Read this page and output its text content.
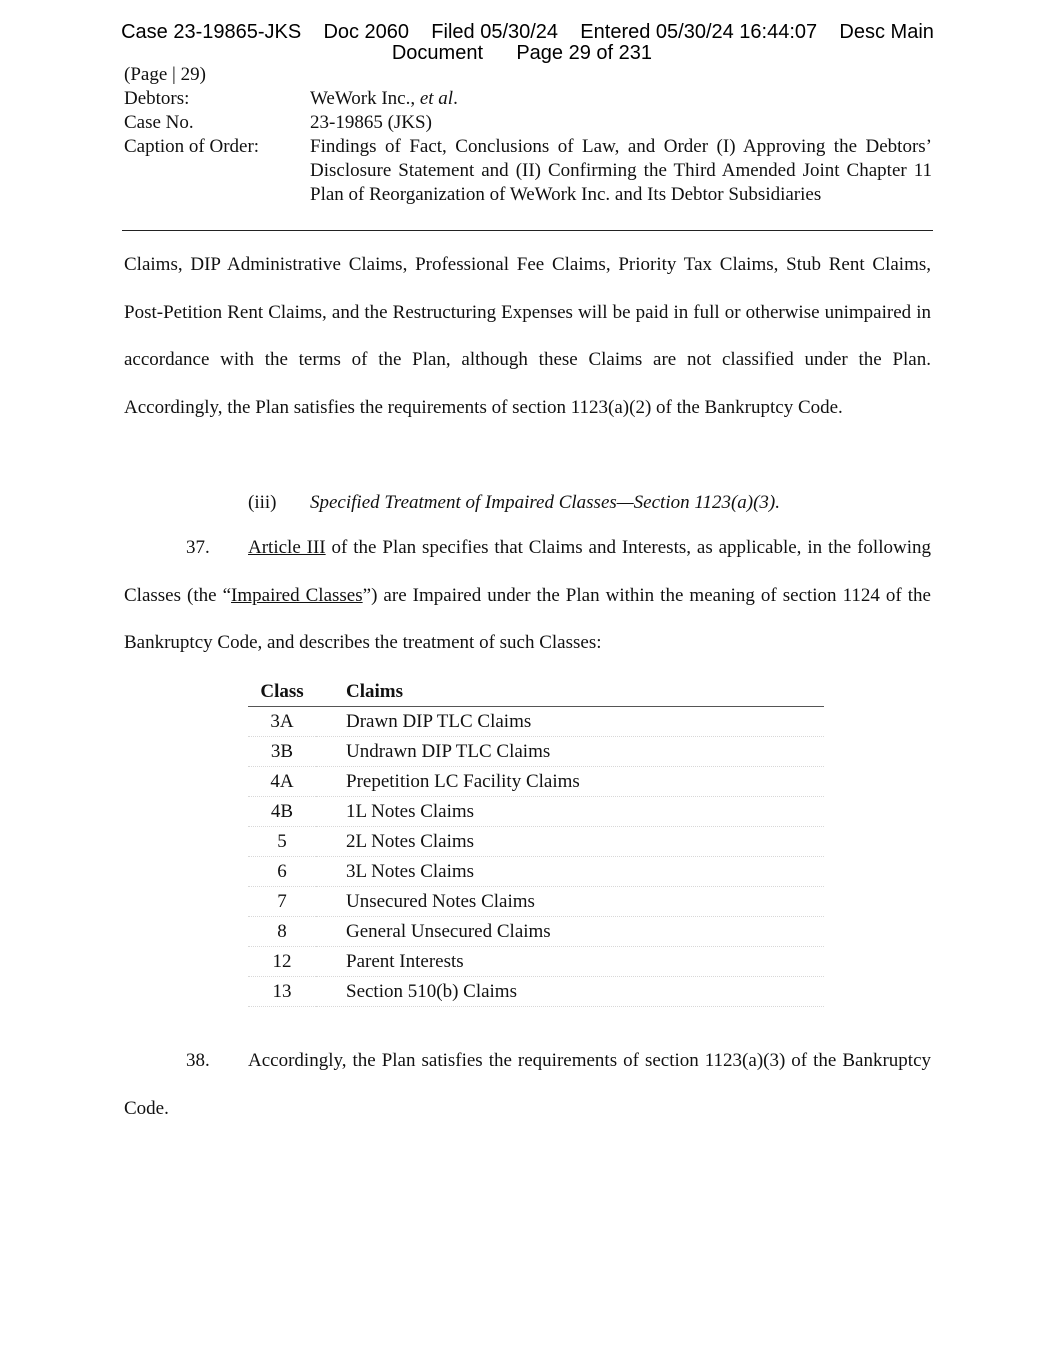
Case 23-19865-JKS Doc 2060 Filed 05/30/24 Entered 05/30/24 16:44:07 Desc Main
Document Page 29 of 231
(Page | 29)
Debtors:	WeWork Inc., et al.
Case No.	23-19865 (JKS)
Caption of Order:	Findings of Fact, Conclusions of Law, and Order (I) Approving the Debtors’ Disclosure Statement and (II) Confirming the Third Amended Joint Chapter 11 Plan of Reorganization of WeWork Inc. and Its Debtor Subsidiaries
Claims, DIP Administrative Claims, Professional Fee Claims, Priority Tax Claims, Stub Rent Claims, Post-Petition Rent Claims, and the Restructuring Expenses will be paid in full or otherwise unimpaired in accordance with the terms of the Plan, although these Claims are not classified under the Plan. Accordingly, the Plan satisfies the requirements of section 1123(a)(2) of the Bankruptcy Code.
(iii) Specified Treatment of Impaired Classes—Section 1123(a)(3).
37. Article III of the Plan specifies that Claims and Interests, as applicable, in the following Classes (the “Impaired Classes”) are Impaired under the Plan within the meaning of section 1124 of the Bankruptcy Code, and describes the treatment of such Classes:
Class	Claims
3A	Drawn DIP TLC Claims
3B	Undrawn DIP TLC Claims
4A	Prepetition LC Facility Claims
4B	1L Notes Claims
5	2L Notes Claims
6	3L Notes Claims
7	Unsecured Notes Claims
8	General Unsecured Claims
12	Parent Interests
13	Section 510(b) Claims
38. Accordingly, the Plan satisfies the requirements of section 1123(a)(3) of the Bankruptcy Code.
